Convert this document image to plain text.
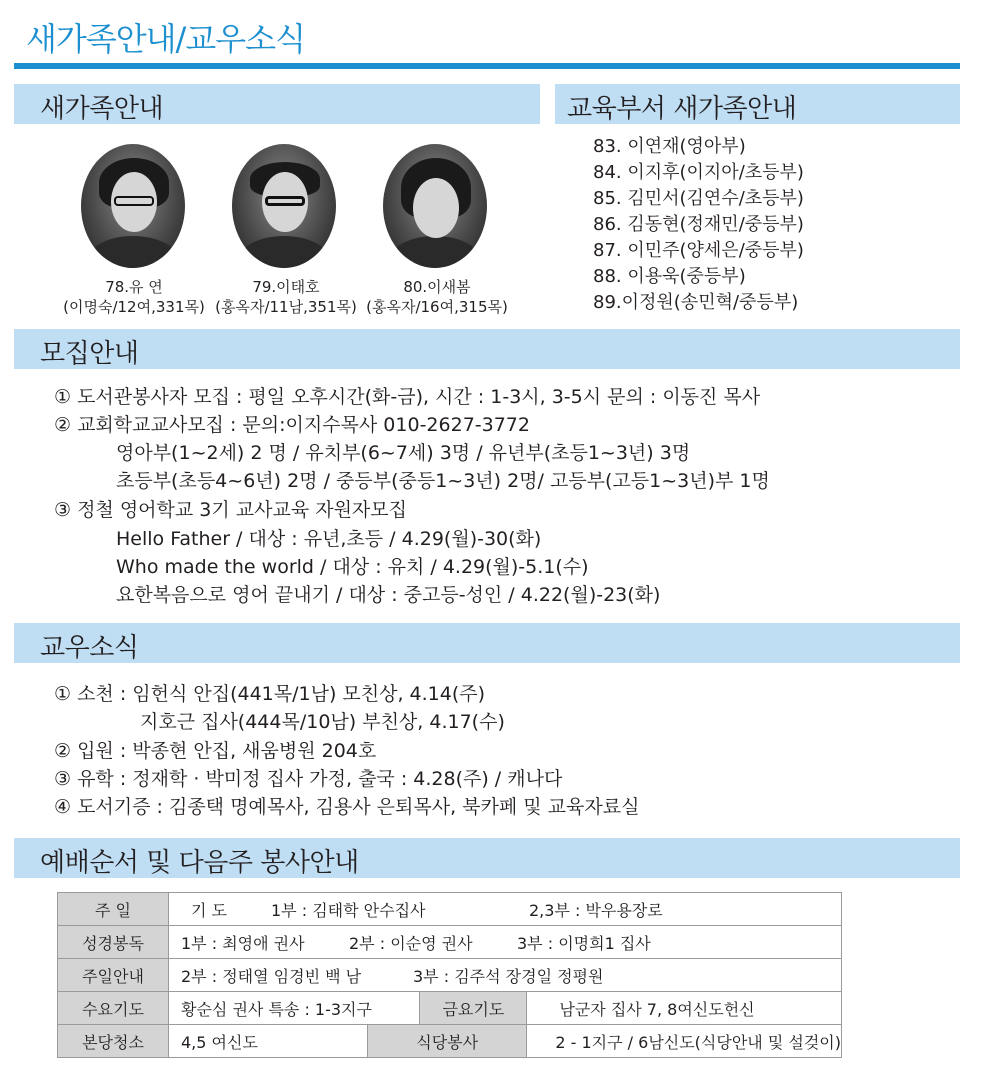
새가족안내/교우소식
새가족안내
78.유 연
(이명숙/12여,331목)
79.이태호
(홍옥자/11남,351목)
80.이새봄
(홍옥자/16여,315목)
교육부서 새가족안내
83. 이연재(영아부)
84. 이지후(이지아/초등부)
85. 김민서(김연수/초등부)
86. 김동현(정재민/중등부)
87. 이민주(양세은/중등부)
88. 이용욱(중등부)
89.이정원(송민혁/중등부)
모집안내
① 도서관봉사자 모집 : 평일 오후시간(화-금), 시간 : 1-3시, 3-5시 문의 : 이동진 목사
② 교회학교교사모집 : 문의:이지수목사 010-2627-3772
영아부(1~2세) 2 명 / 유치부(6~7세) 3명 / 유년부(초등1~3년) 3명
초등부(초등4~6년) 2명 / 중등부(중등1~3년) 2명/ 고등부(고등1~3년)부 1명
③ 정철 영어학교 3기 교사교육 자원자모집
Hello Father / 대상 : 유년,초등 / 4.29(월)-30(화)
Who made the world / 대상 : 유치 / 4.29(월)-5.1(수)
요한복음으로 영어 끝내기 / 대상 : 중고등-성인 / 4.22(월)-23(화)
교우소식
① 소천 : 임헌식 안집(441목/1남) 모친상, 4.14(주)
지호근 집사(444목/10남) 부친상, 4.17(수)
② 입원 : 박종현 안집, 새움병원 204호
③ 유학 : 정재학 · 박미정 집사 가정, 출국 : 4.28(주) / 캐나다
④ 도서기증 : 김종택 명예목사, 김용사 은퇴목사, 북카페 및 교육자료실
예배순서 및 다음주 봉사안내
주 일	기 도 1부 : 김태학 안수집사 2,3부 : 박우용장로			
성경봉독	1부 : 최영애 권사 2부 : 이순영 권사 3부 : 이명희1 집사			
주일안내	2부 : 정태열 임경빈 백 남 3부 : 김주석 장경일 정평원			
수요기도	황순심 권사 특송 : 1-3지구		금요기도	남군자 집사 7, 8여신도헌신
본당청소	4,5 여신도	식당봉사		2 - 1지구 / 6남신도(식당안내 및 설겆이)
